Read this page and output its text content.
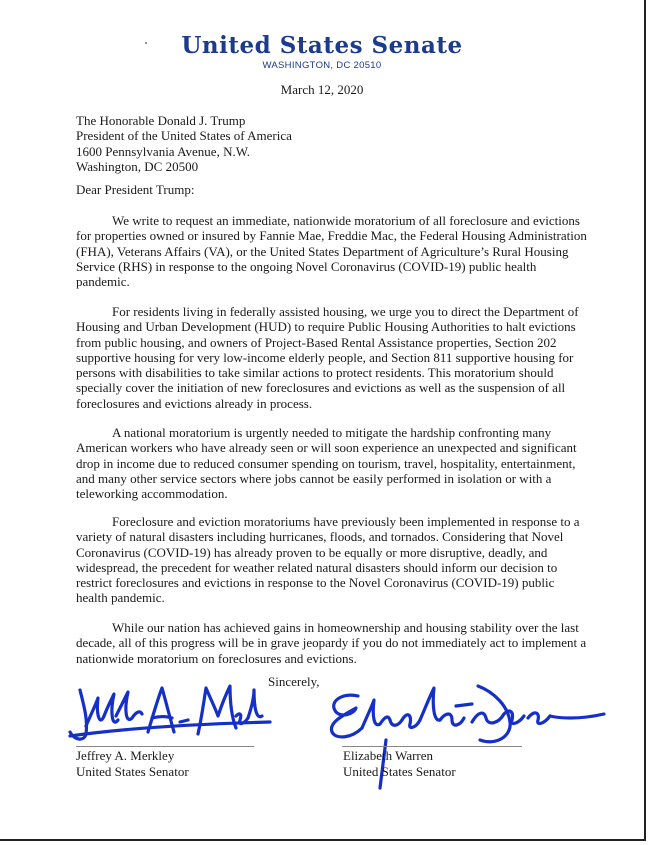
United States Senate
WASHINGTON, DC 20510
March 12, 2020
The Honorable Donald J. Trump
President of the United States of America
1600 Pennsylvania Avenue, N.W.
Washington, DC 20500
Dear President Trump:
We write to request an immediate, nationwide moratorium of all foreclosure and evictions
for properties owned or insured by Fannie Mae, Freddie Mac, the Federal Housing Administration
(FHA), Veterans Affairs (VA), or the United States Department of Agriculture’s Rural Housing
Service (RHS) in response to the ongoing Novel Coronavirus (COVID-19) public health
pandemic.
For residents living in federally assisted housing, we urge you to direct the Department of
Housing and Urban Development (HUD) to require Public Housing Authorities to halt evictions
from public housing, and owners of Project-Based Rental Assistance properties, Section 202
supportive housing for very low-income elderly people, and Section 811 supportive housing for
persons with disabilities to take similar actions to protect residents. This moratorium should
specially cover the initiation of new foreclosures and evictions as well as the suspension of all
foreclosures and evictions already in process.
A national moratorium is urgently needed to mitigate the hardship confronting many
American workers who have already seen or will soon experience an unexpected and significant
drop in income due to reduced consumer spending on tourism, travel, hospitality, entertainment,
and many other service sectors where jobs cannot be easily performed in isolation or with a
teleworking accommodation.
Foreclosure and eviction moratoriums have previously been implemented in response to a
variety of natural disasters including hurricanes, floods, and tornados. Considering that Novel
Coronavirus (COVID-19) has already proven to be equally or more disruptive, deadly, and
widespread, the precedent for weather related natural disasters should inform our decision to
restrict foreclosures and evictions in response to the Novel Coronavirus (COVID-19) public
health pandemic.
While our nation has achieved gains in homeownership and housing stability over the last
decade, all of this progress will be in grave jeopardy if you do not immediately act to implement a
nationwide moratorium on foreclosures and evictions.
Sincerely,
Jeffrey A. Merkley
Jeffrey A. Merkley
United States Senator
Elizabeth Warren
Elizabeth Warren
United States Senator
